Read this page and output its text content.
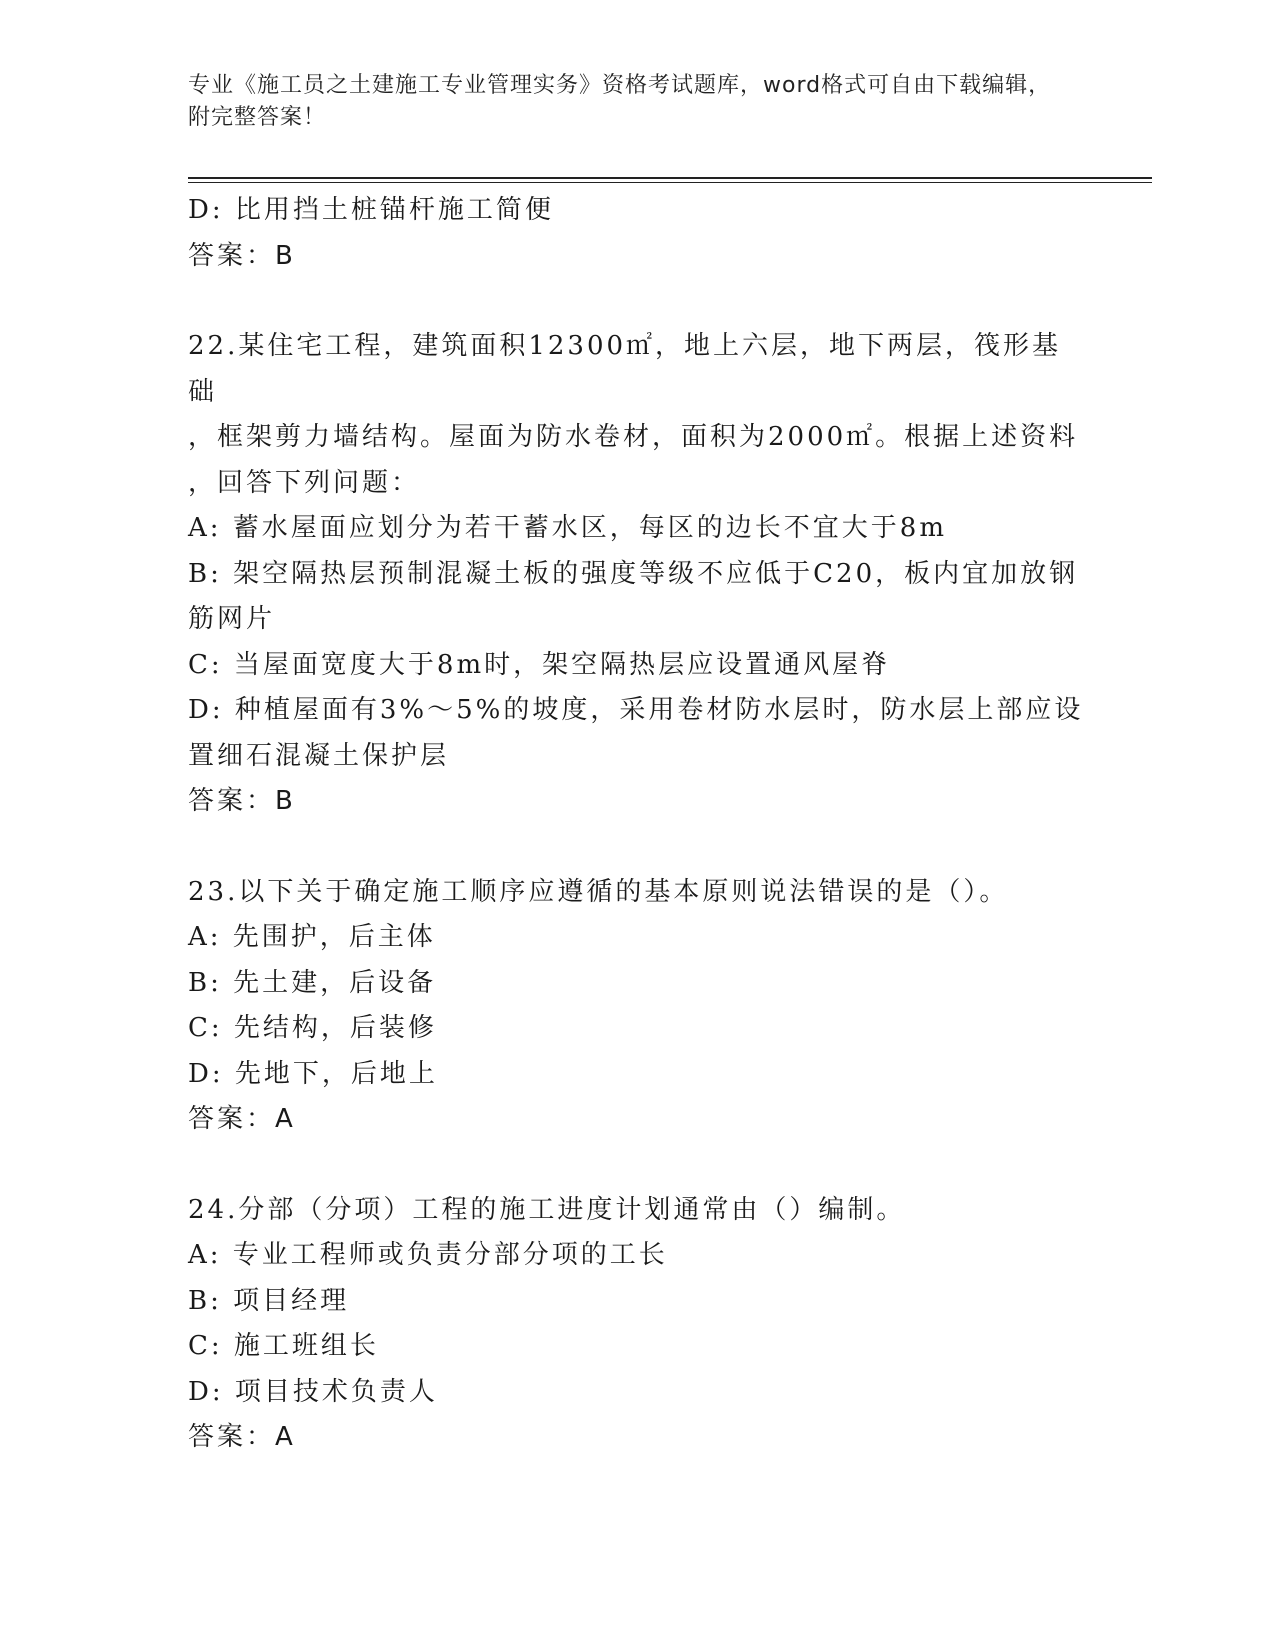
专业《施工员之土建施工专业管理实务》资格考试题库，word格式可自由下载编辑，附完整答案！

D: 比用挡土桩锚杆施工简便

答案：B

22.某住宅工程，建筑面积12300㎡，地上六层，地下两层，筏形基础

，框架剪力墙结构。屋面为防水卷材，面积为2000㎡。根据上述资料

，回答下列问题：

A: 蓄水屋面应划分为若干蓄水区，每区的边长不宜大于8m

B: 架空隔热层预制混凝土板的强度等级不应低于C20，板内宜加放钢

筋网片

C: 当屋面宽度大于8m时，架空隔热层应设置通风屋脊

D: 种植屋面有3%～5%的坡度，采用卷材防水层时，防水层上部应设

置细石混凝土保护层

答案：B

23.以下关于确定施工顺序应遵循的基本原则说法错误的是（）。

A: 先围护，后主体

B: 先土建，后设备

C: 先结构，后装修

D: 先地下，后地上

答案：A

24.分部（分项）工程的施工进度计划通常由（）编制。

A: 专业工程师或负责分部分项的工长

B: 项目经理

C: 施工班组长

D: 项目技术负责人

答案：A
